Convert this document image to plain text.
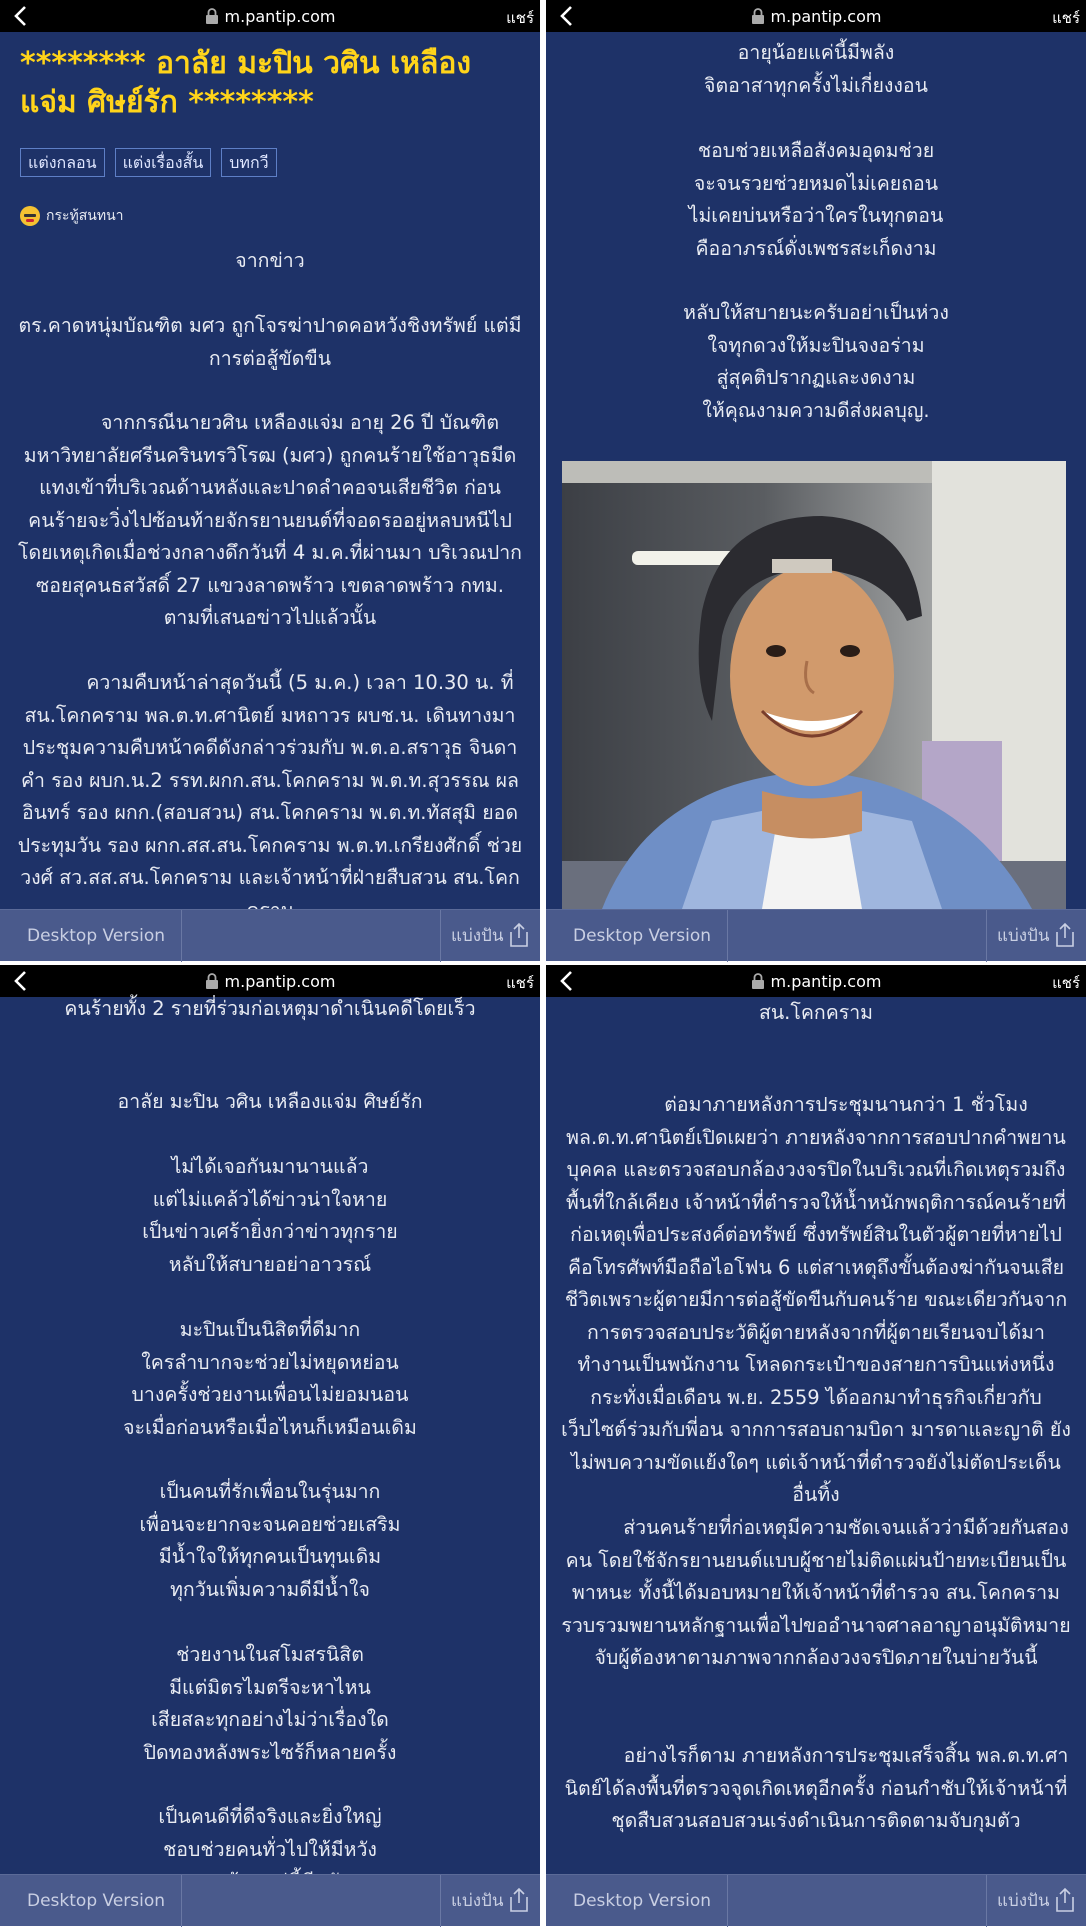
m.pantip.com	แชร์
******** อาลัย มะปิน วศิน เหลืองแจ่ม ศิษย์รัก ********
แต่งกลอน	แต่งเรื่องสั้น	บทกวี
กระทู้สนทนา
จากข่าว
ตร.คาดหนุ่มบัณฑิต มศว ถูกโจรฆ่าปาดคอหวังชิงทรัพย์ แต่มีการต่อสู้ขัดขืน
จากกรณีนายวศิน เหลืองแจ่ม อายุ 26 ปี บัณฑิตมหาวิทยาลัยศรีนครินทรวิโรฒ (มศว) ถูกคนร้ายใช้อาวุธมีดแทงเข้าที่บริเวณด้านหลังและปาดลำคอจนเสียชีวิต ก่อนคนร้ายจะวิ่งไปซ้อนท้ายจักรยานยนต์ที่จอดรออยู่หลบหนีไป โดยเหตุเกิดเมื่อช่วงกลางดึกวันที่ 4 ม.ค.ที่ผ่านมา บริเวณปากซอยสุคนธสวัสดิ์ 27 แขวงลาดพร้าว เขตลาดพร้าว กทม. ตามที่เสนอข่าวไปแล้วนั้น
ความคืบหน้าล่าสุดวันนี้ (5 ม.ค.) เวลา 10.30 น. ที่ สน.โคกคราม พล.ต.ท.ศานิตย์ มหถาวร ผบช.น. เดินทางมาประชุมความคืบหน้าคดีดังกล่าวร่วมกับ พ.ต.อ.สราวุธ จินดาคำ รอง ผบก.น.2 รรท.ผกก.สน.โคกคราม พ.ต.ท.สุวรรณ ผลอินทร์ รอง ผกก.(สอบสวน) สน.โคกคราม พ.ต.ท.ทัสสุมิ ยอดประทุมวัน รอง ผกก.สส.สน.โคกคราม พ.ต.ท.เกรียงศักดิ์ ช่วยวงศ์ สว.สส.สน.โคกคราม และเจ้าหน้าที่ฝ่ายสืบสวน สน.โคก
Desktop Version	แบ่งปัน
m.pantip.com	แชร์
อายุน้อยแค่นี้มีพลัง
จิตอาสาทุกครั้งไม่เกี่ยงงอน
ชอบช่วยเหลือสังคมอุดมช่วย
จะจนรวยช่วยหมดไม่เคยถอน
ไม่เคยบ่นหรือว่าใครในทุกตอน
คืออาภรณ์ดั่งเพชรสะเก็ดงาม
หลับให้สบายนะครับอย่าเป็นห่วง
ใจทุกดวงให้มะปินจงอร่าม
สู่สุคติปรากฏและงดงาม
ให้คุณงามความดีส่งผลบุญ.
Desktop Version	แบ่งปัน
m.pantip.com	แชร์
คนร้ายทั้ง 2 รายที่ร่วมก่อเหตุมาดำเนินคดีโดยเร็ว
อาลัย มะปิน วศิน เหลืองแจ่ม ศิษย์รัก
ไม่ได้เจอกันมานานแล้ว
แต่ไม่แคล้วได้ข่าวน่าใจหาย
เป็นข่าวเศร้ายิ่งกว่าข่าวทุกราย
หลับให้สบายอย่าอาวรณ์
มะปินเป็นนิสิตที่ดีมาก
ใครลำบากจะช่วยไม่หยุดหย่อน
บางครั้งช่วยงานเพื่อนไม่ยอมนอน
จะเมื่อก่อนหรือเมื่อไหนก็เหมือนเดิม
เป็นคนที่รักเพื่อนในรุ่นมาก
เพื่อนจะยากจะจนคอยช่วยเสริม
มีน้ำใจให้ทุกคนเป็นทุนเดิม
ทุกวันเพิ่มความดีมีน้ำใจ
ช่วยงานในสโมสรนิสิต
มีแต่มิตรไมตรีจะหาไหน
เสียสละทุกอย่างไม่ว่าเรื่องใด
ปิดทองหลังพระไซร้ก็หลายครั้ง
เป็นคนดีที่ดีจริงและยิ่งใหญ่
ชอบช่วยคนทั่วไปให้มีหวัง
Desktop Version	แบ่งปัน
m.pantip.com	แชร์
สน.โคกคราม
ต่อมาภายหลังการประชุมนานกว่า 1 ชั่วโมง พล.ต.ท.ศานิตย์เปิดเผยว่า ภายหลังจากการสอบปากคำพยานบุคคล และตรวจสอบกล้องวงจรปิดในบริเวณที่เกิดเหตุรวมถึงพื้นที่ใกล้เคียง เจ้าหน้าที่ตำรวจให้น้ำหนักพฤติการณ์คนร้ายที่ก่อเหตุเพื่อประสงค์ต่อทรัพย์ ซึ่งทรัพย์สินในตัวผู้ตายที่หายไปคือโทรศัพท์มือถือไอโฟน 6 แต่สาเหตุถึงขั้นต้องฆ่ากันจนเสียชีวิตเพราะผู้ตายมีการต่อสู้ขัดขืนกับคนร้าย ขณะเดียวกันจากการตรวจสอบประวัติผู้ตายหลังจากที่ผู้ตายเรียนจบได้มาทำงานเป็นพนักงาน โหลดกระเป๋าของสายการบินแห่งหนึ่ง กระทั่งเมื่อเดือน พ.ย. 2559 ได้ออกมาทำธุรกิจเกี่ยวกับเว็บไซต์ร่วมกับพี่อน จากการสอบถามบิดา มารดาและญาติ ยังไม่พบความขัดแย้งใดๆ แต่เจ้าหน้าที่ตำรวจยังไม่ตัดประเด็นอื่นทิ้ง
ส่วนคนร้ายที่ก่อเหตุมีความชัดเจนแล้วว่ามีด้วยกันสองคน โดยใช้จักรยานยนต์แบบผู้ชายไม่ติดแผ่นป้ายทะเบียนเป็นพาหนะ ทั้งนี้ได้มอบหมายให้เจ้าหน้าที่ตำรวจ สน.โคกคราม รวบรวมพยานหลักฐานเพื่อไปขออำนาจศาลอาญาอนุมัติหมายจับผู้ต้องหาตามภาพจากกล้องวงจรปิดภายในบ่ายวันนี้
อย่างไรก็ตาม ภายหลังการประชุมเสร็จสิ้น พล.ต.ท.ศานิตย์ได้ลงพื้นที่ตรวจจุดเกิดเหตุอีกครั้ง ก่อนกำชับให้เจ้าหน้าที่ชุดสืบสวนสอบสวนเร่งดำเนินการติดตามจับกุมตัว
Desktop Version	แบ่งปัน
